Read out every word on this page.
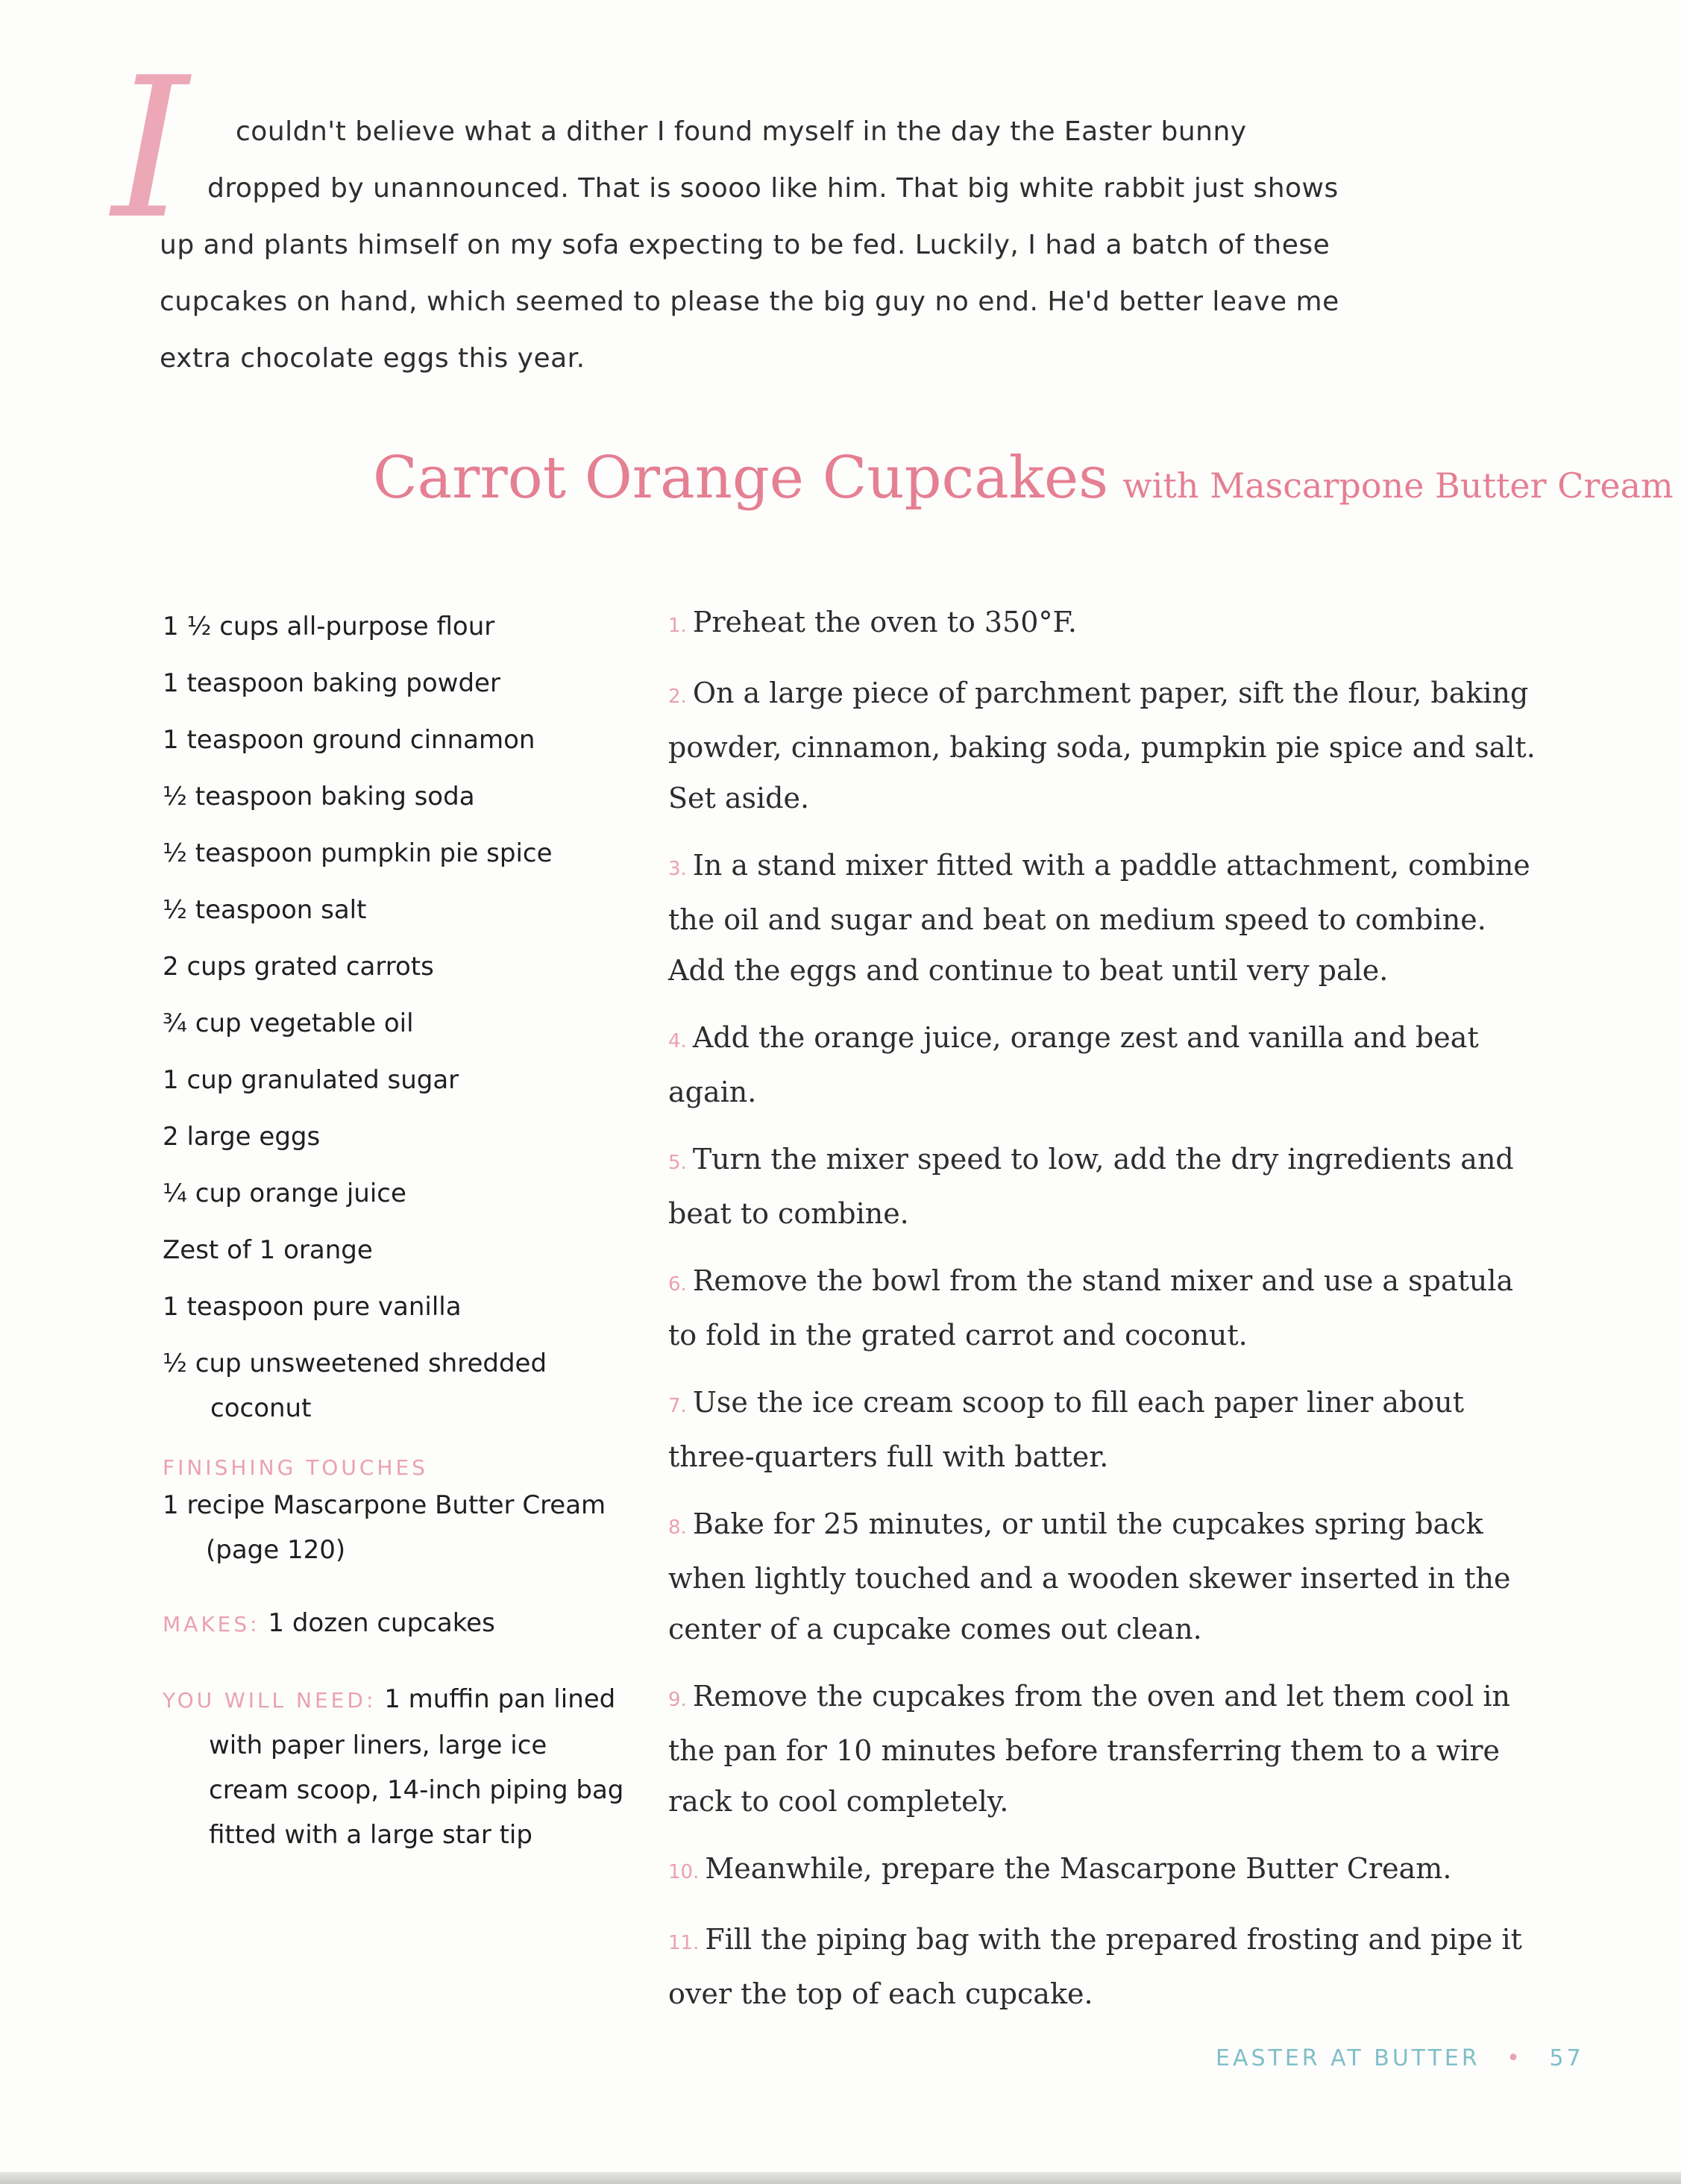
I couldn't believe what a dither I found myself in the day the Easter bunny
dropped by unannounced. That is soooo like him. That big white rabbit just shows
up and plants himself on my sofa expecting to be fed. Luckily, I had a batch of these
cupcakes on hand, which seemed to please the big guy no end. He'd better leave me
extra chocolate eggs this year.
Carrot Orange Cupcakes with Mascarpone Butter Cream
1 ½ cups all-purpose flour
1 teaspoon baking powder
1 teaspoon ground cinnamon
½ teaspoon baking soda
½ teaspoon pumpkin pie spice
½ teaspoon salt
2 cups grated carrots
¾ cup vegetable oil
1 cup granulated sugar
2 large eggs
¼ cup orange juice
Zest of 1 orange
1 teaspoon pure vanilla
½ cup unsweetened shredded
coconut
FINISHING TOUCHES
1 recipe Mascarpone Butter Cream
(page 120)
MAKES: 1 dozen cupcakes
YOU WILL NEED: 1 muffin pan lined
with paper liners, large ice
cream scoop, 14-inch piping bag
fitted with a large star tip
1. Preheat the oven to 350°F.
2. On a large piece of parchment paper, sift the flour, baking powder, cinnamon, baking soda, pumpkin pie spice and salt. Set aside.
3. In a stand mixer fitted with a paddle attachment, combine the oil and sugar and beat on medium speed to combine. Add the eggs and continue to beat until very pale.
4. Add the orange juice, orange zest and vanilla and beat again.
5. Turn the mixer speed to low, add the dry ingredients and beat to combine.
6. Remove the bowl from the stand mixer and use a spatula to fold in the grated carrot and coconut.
7. Use the ice cream scoop to fill each paper liner about three-quarters full with batter.
8. Bake for 25 minutes, or until the cupcakes spring back when lightly touched and a wooden skewer inserted in the center of a cupcake comes out clean.
9. Remove the cupcakes from the oven and let them cool in the pan for 10 minutes before transferring them to a wire rack to cool completely.
10. Meanwhile, prepare the Mascarpone Butter Cream.
11. Fill the piping bag with the prepared frosting and pipe it over the top of each cupcake.
EASTER AT BUTTER • 57
